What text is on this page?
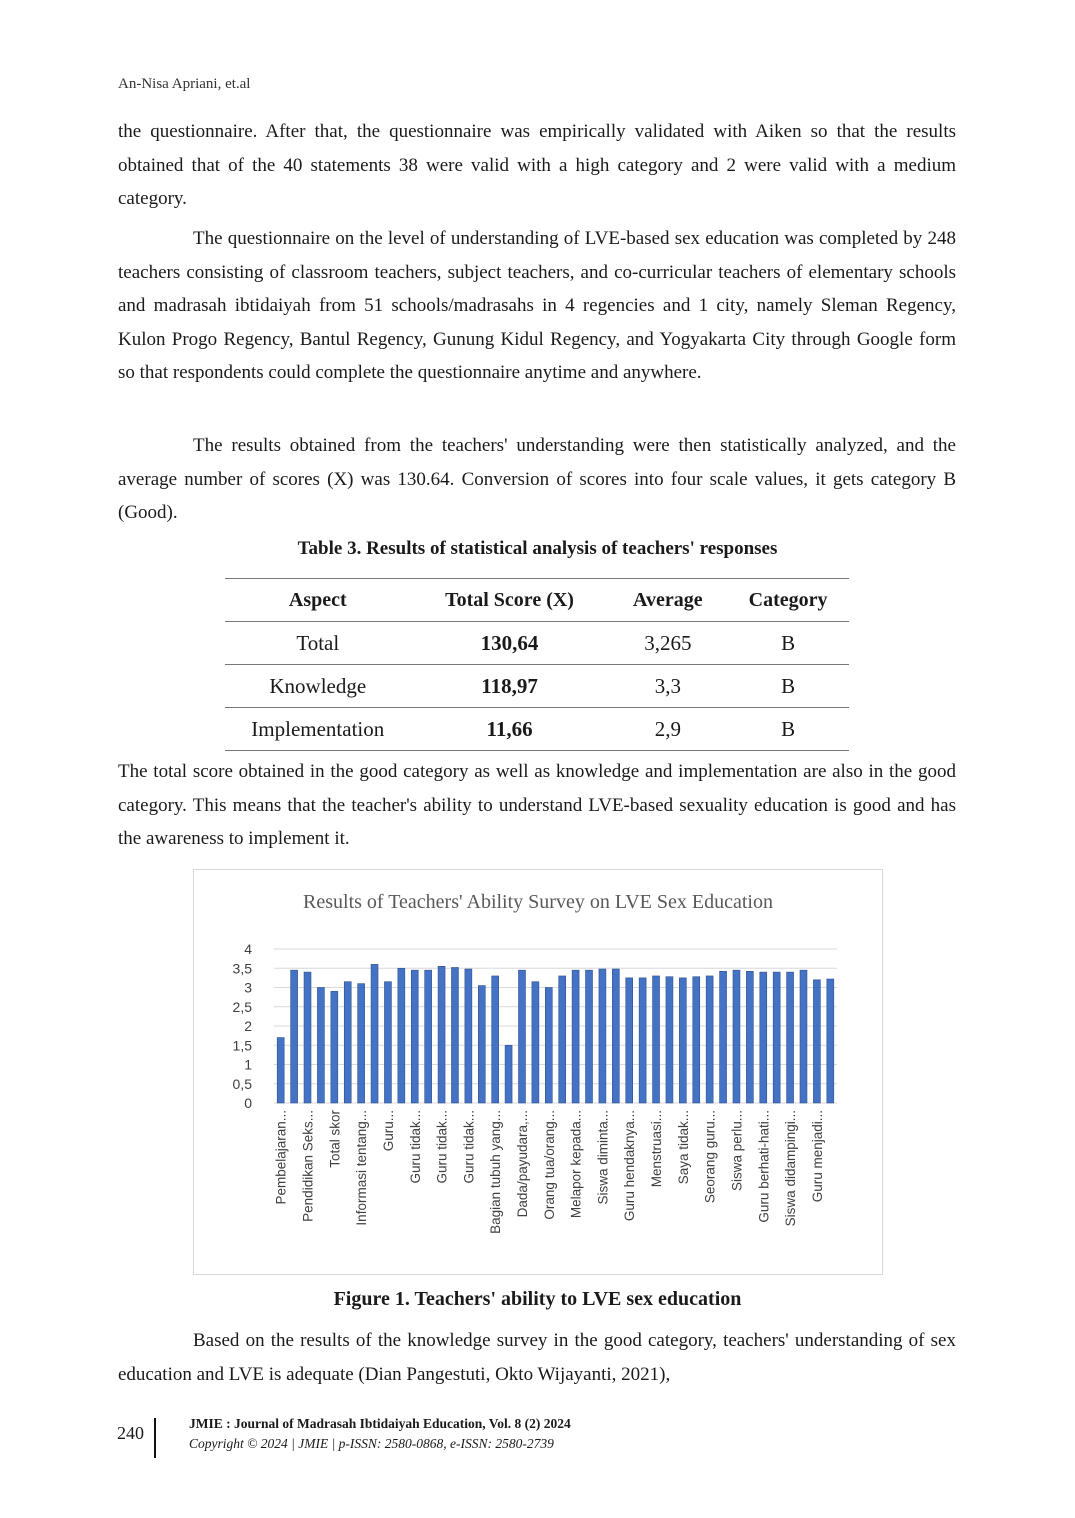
An-Nisa Apriani, et.al

the questionnaire. After that, the questionnaire was empirically validated with Aiken so that the results obtained that of the 40 statements 38 were valid with a high category and 2 were valid with a medium category.

The questionnaire on the level of understanding of LVE-based sex education was completed by 248 teachers consisting of classroom teachers, subject teachers, and co-curricular teachers of elementary schools and madrasah ibtidaiyah from 51 schools/madrasahs in 4 regencies and 1 city, namely Sleman Regency, Kulon Progo Regency, Bantul Regency, Gunung Kidul Regency, and Yogyakarta City through Google form so that respondents could complete the questionnaire anytime and anywhere.

The results obtained from the teachers' understanding were then statistically analyzed, and the average number of scores (X) was 130.64. Conversion of scores into four scale values, it gets category B (Good).

Table 3. Results of statistical analysis of teachers' responses
Aspect	Total Score (X)	Average	Category
Total	130,64	3,265	B
Knowledge	118,97	3,3	B
Implementation	11,66	2,9	B

The total score obtained in the good category as well as knowledge and implementation are also in the good category. This means that the teacher's ability to understand LVE-based sexuality education is good and has the awareness to implement it.

Results of Teachers' Ability Survey on LVE Sex Education
0
0,5
1
1,5
2
2,5
3
3,5
4
Pembelajaran... Pendidikan Seks... Total skor Informasi tentang... Guru... Guru tidak... Guru tidak... Guru tidak... Bagian tubuh yang... Dada/payudara,... Orang tua/orang... Melapor kepada... Siswa diminta... Guru hendaknya... Menstruasi... Saya tidak... Seorang guru... Siswa perlu... Guru berhati-hati... Siswa didampingi... Guru menjadi...
Figure 1. Teachers' ability to LVE sex education

Based on the results of the knowledge survey in the good category, teachers' understanding of sex education and LVE is adequate (Dian Pangestuti, Okto Wijayanti, 2021),

240	JMIE : Journal of Madrasah Ibtidaiyah Education, Vol. 8 (2) 2024
Copyright © 2024 | JMIE | p-ISSN: 2580-0868, e-ISSN: 2580-2739
